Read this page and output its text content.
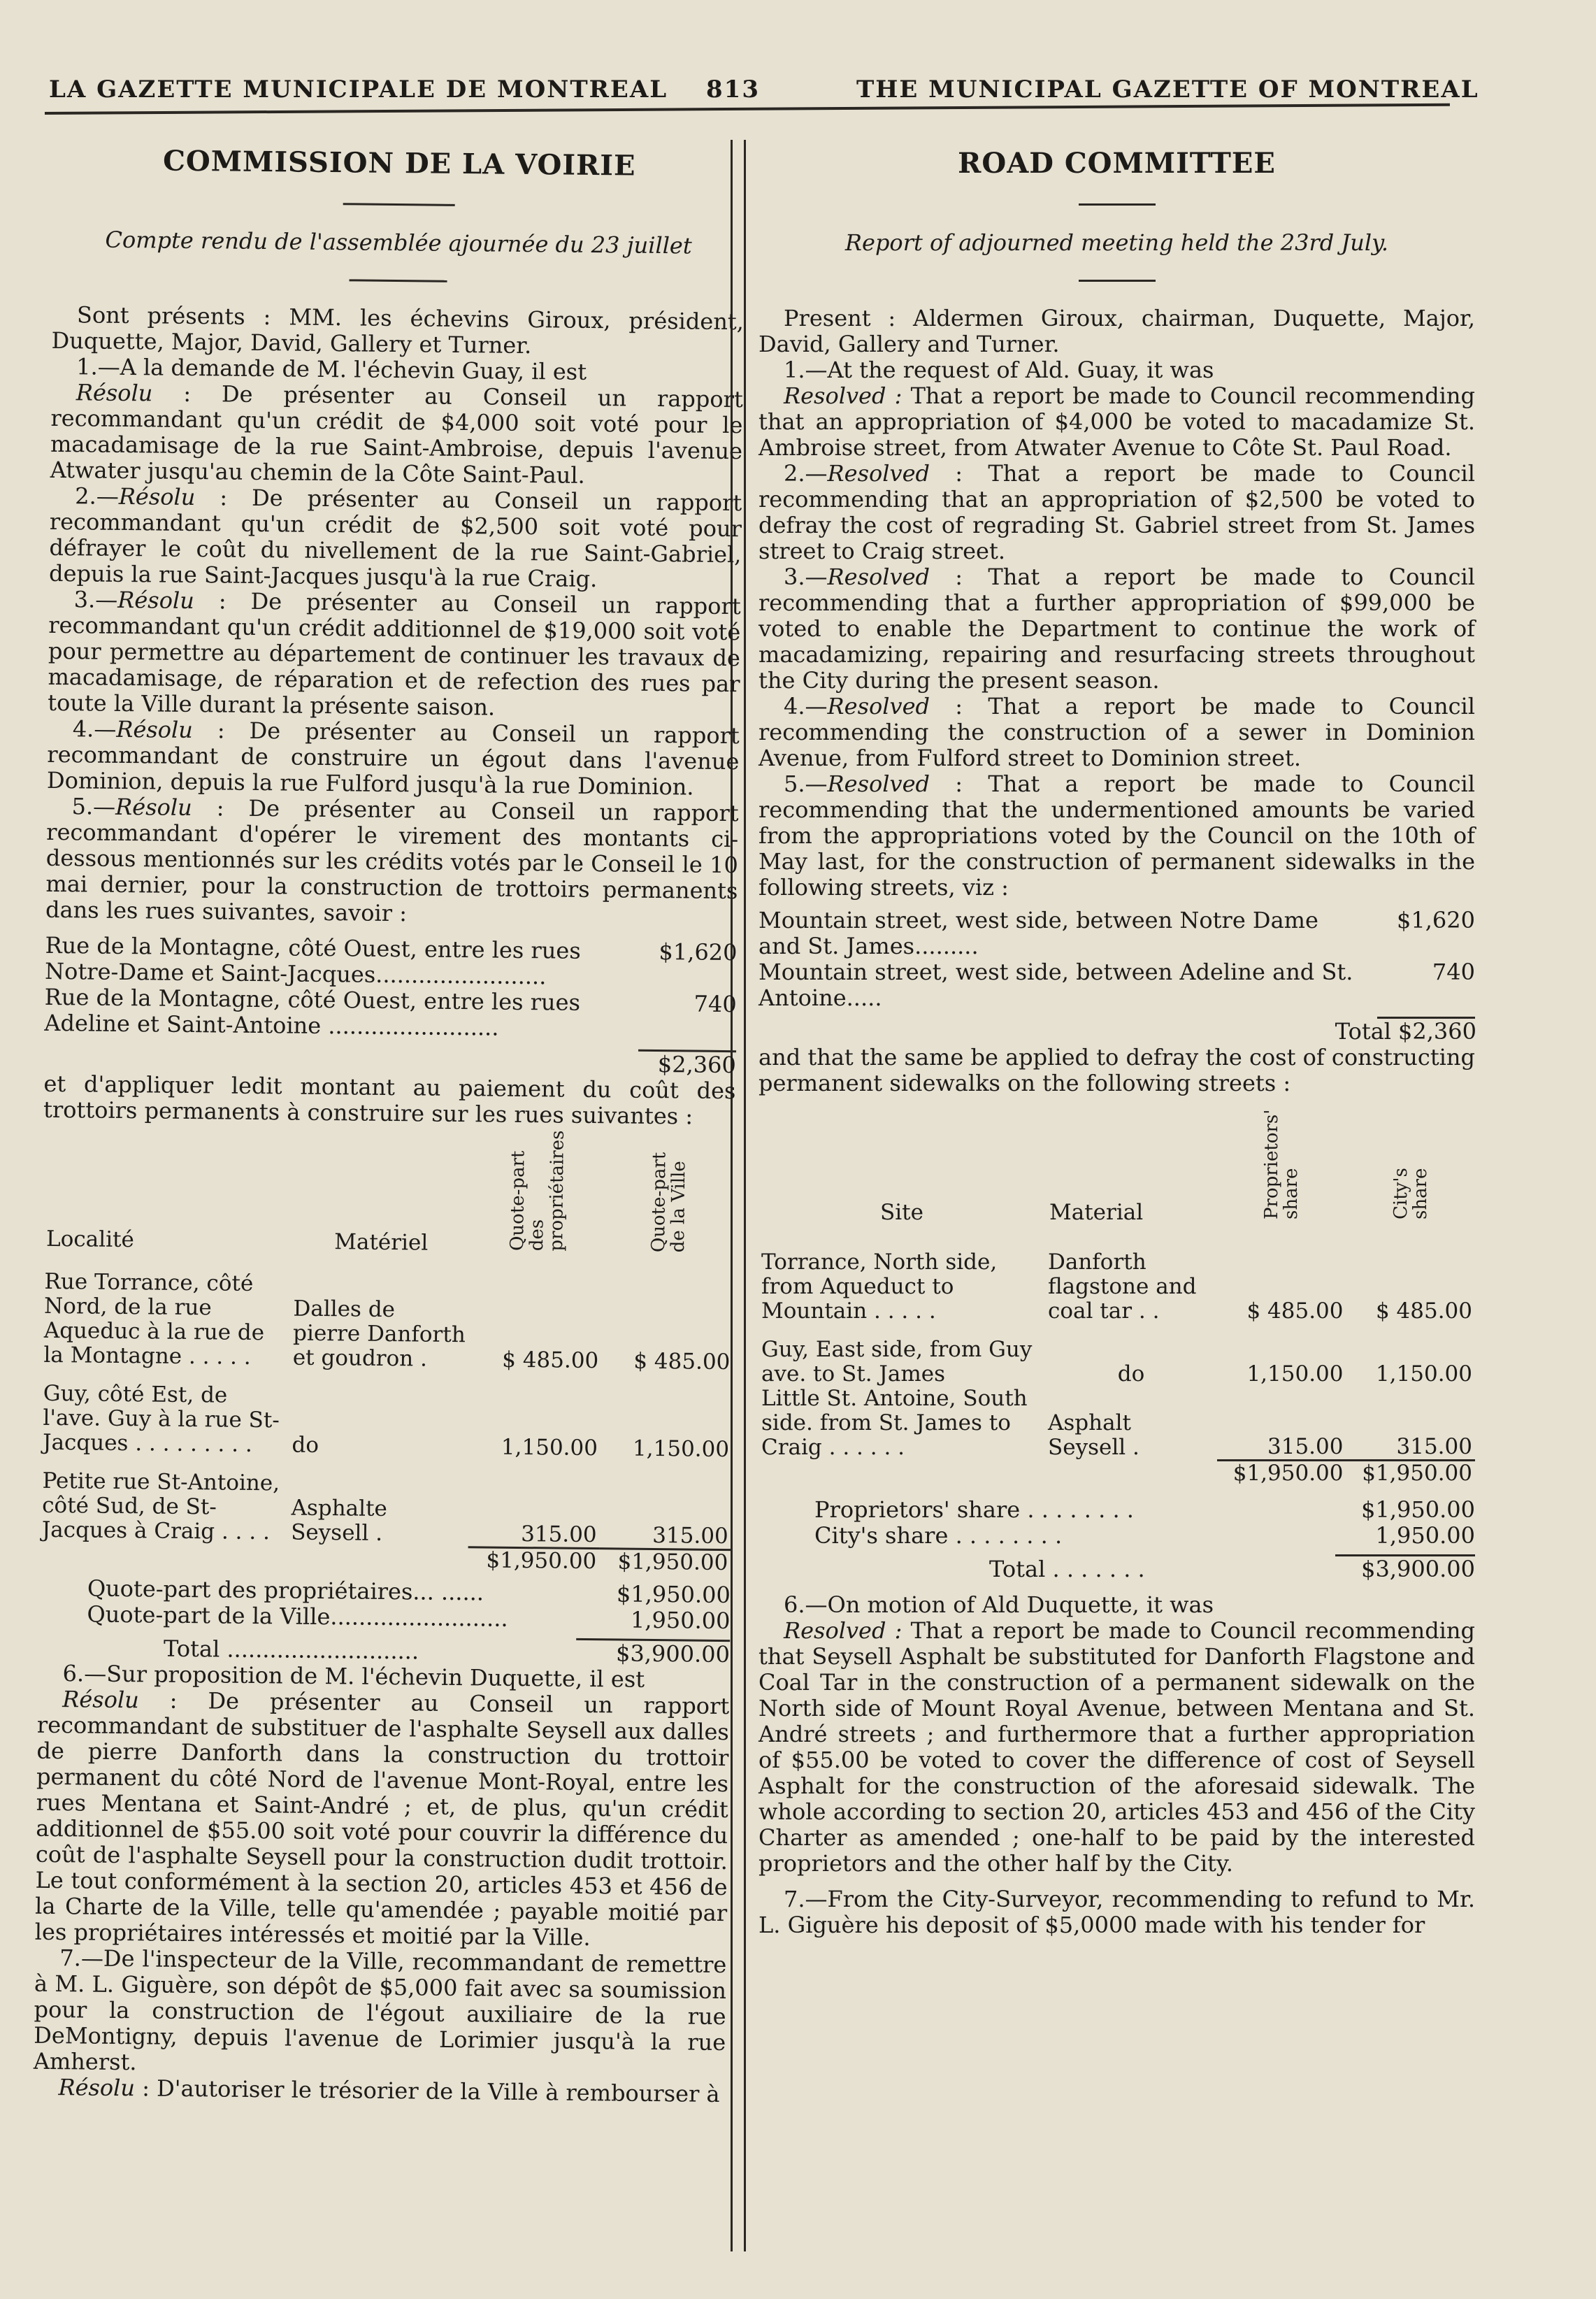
LA GAZETTE MUNICIPALE DE MONTREAL 813	THE MUNICIPAL GAZETTE OF MONTREAL
COMMISSION DE LA VOIRIE

Compte rendu de l'assemblée ajournée du 23 juillet

Sont présents : MM. les échevins Giroux, président, Duquette, Major, David, Gallery et Turner.

1.—A la demande de M. l'échevin Guay, il est

Résolu : De présenter au Conseil un rapport recommandant qu'un crédit de $4,000 soit voté pour le macadamisage de la rue Saint-Ambroise, depuis l'avenue Atwater jusqu'au chemin de la Côte Saint-Paul.

2.—Résolu : De présenter au Conseil un rapport recommandant qu'un crédit de $2,500 soit voté pour défrayer le coût du nivellement de la rue Saint-Gabriel, depuis la rue Saint-Jacques jusqu'à la rue Craig.

3.—Résolu : De présenter au Conseil un rapport recommandant qu'un crédit additionnel de $19,000 soit voté pour permettre au département de continuer les travaux de macadamisage, de réparation et de refection des rues par toute la Ville durant la présente saison.

4.—Résolu : De présenter au Conseil un rapport recommandant de construire un égout dans l'avenue Dominion, depuis la rue Fulford jusqu'à la rue Dominion.

5.—Résolu : De présenter au Conseil un rapport recommandant d'opérer le virement des montants ci-dessous mentionnés sur les crédits votés par le Conseil le 10 mai dernier, pour la construction de trottoirs permanents dans les rues suivantes, savoir :

Rue de la Montagne, côté Ouest, entre les rues Notre-Dame et Saint-Jacques........................
$1,620
Rue de la Montagne, côté Ouest, entre les rues Adeline et Saint-Antoine ........................
740
$2,360

et d'appliquer ledit montant au paiement du coût des trottoirs permanents à construire sur les rues suivantes :

Localité	Matériel	Quote-part des propriétaires	Quote-part de la Ville

Rue Torrance, côté Nord, de la rue Aqueduc à la rue de la Montagne . . . . .	Dalles de pierre Danforth et goudron .	$ 485.00	$ 485.00

Guy, côté Est, de l'ave. Guy à la rue St-Jacques . . . . . . . . .	do	1,150.00	1,150.00

Petite rue St-Antoine, côté Sud, de St-Jacques à Craig . . . .	Asphalte Seysell .	315.00	315.00
		$1,950.00	$1,950.00
Quote-part des propriétaires... ......	$1,950.00
Quote-part de la Ville.........................	1,950.00
Total ...........................	$3,900.00

6.—Sur proposition de M. l'échevin Duquette, il est

Résolu : De présenter au Conseil un rapport recommandant de substituer de l'asphalte Seysell aux dalles de pierre Danforth dans la construction du trottoir permanent du côté Nord de l'avenue Mont-Royal, entre les rues Mentana et Saint-André ; et, de plus, qu'un crédit additionnel de $55.00 soit voté pour couvrir la différence du coût de l'asphalte Seysell pour la construction dudit trottoir. Le tout conformément à la section 20, articles 453 et 456 de la Charte de la Ville, telle qu'amendée ; payable moitié par les propriétaires intéressés et moitié par la Ville.

7.—De l'inspecteur de la Ville, recommandant de remettre à M. L. Giguère, son dépôt de $5,000 fait avec sa soumission pour la construction de l'égout auxiliaire de la rue DeMontigny, depuis l'avenue de Lorimier jusqu'à la rue Amherst.

Résolu : D'autoriser le trésorier de la Ville à rembourser à

ROAD COMMITTEE

Report of adjourned meeting held the 23rd July.

Present : Aldermen Giroux, chairman, Duquette, Major, David, Gallery and Turner.

1.—At the request of Ald. Guay, it was

Resolved : That a report be made to Council recommending that an appropriation of $4,000 be voted to macadamize St. Ambroise street, from Atwater Avenue to Côte St. Paul Road.

2.—Resolved : That a report be made to Council recommending that an appropriation of $2,500 be voted to defray the cost of regrading St. Gabriel street from St. James street to Craig street.

3.—Resolved : That a report be made to Council recommending that a further appropriation of $99,000 be voted to enable the Department to continue the work of macadamizing, repairing and resurfacing streets throughout the City during the present season.

4.—Resolved : That a report be made to Council recommending the construction of a sewer in Dominion Avenue, from Fulford street to Dominion street.

5.—Resolved : That a report be made to Council recommending that the undermentioned amounts be varied from the appropriations voted by the Council on the 10th of May last, for the construction of permanent sidewalks in the following streets, viz :

Mountain street, west side, between Notre Dame and St. James.........
$1,620
Mountain street, west side, between Adeline and St. Antoine.....
740
Total $2,360

and that the same be applied to defray the cost of constructing permanent sidewalks on the following streets :

Site	Material	Proprietors' share	City's share

Torrance, North side, from Aqueduct to Mountain . . . . .	Danforth flagstone and coal tar . .	$ 485.00	$ 485.00

Guy, East side, from Guy ave. to St. James	do	1,150.00	1,150.00
Little St. Antoine, South side. from St. James to Craig . . . . . .	Asphalt Seysell .	315.00	315.00
		$1,950.00	$1,950.00
Proprietors' share . . . . . . . .	$1,950.00
City's share . . . . . . . .	1,950.00
Total . . . . . . .	$3,900.00

6.—On motion of Ald Duquette, it was

Resolved : That a report be made to Council recommending that Seysell Asphalt be substituted for Danforth Flagstone and Coal Tar in the construction of a permanent sidewalk on the North side of Mount Royal Avenue, between Mentana and St. André streets ; and furthermore that a further appropriation of $55.00 be voted to cover the difference of cost of Seysell Asphalt for the construction of the aforesaid sidewalk. The whole according to section 20, articles 453 and 456 of the City Charter as amended ; one-half to be paid by the interested proprietors and the other half by the City.

7.—From the City-Surveyor, recommending to refund to Mr. L. Giguère his deposit of $5,0000 made with his tender for
